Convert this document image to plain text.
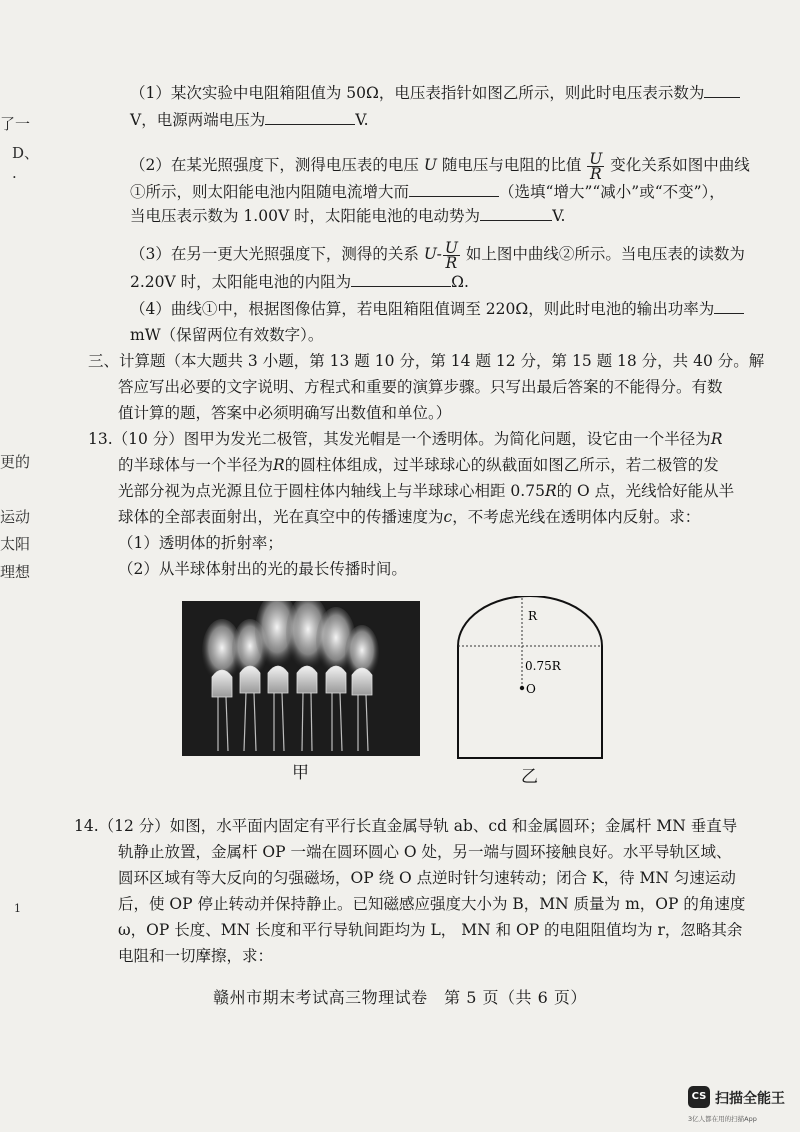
了一
D、
·
更的
运动
太阳
理想
1
（1）某次实验中电阻箱阻值为 50Ω，电压表指针如图乙所示，则此时电压表示数为
V，电源两端电压为	V.
（2）在某光照强度下，测得电压表的电压 U 随电压与电阻的比值 $\frac{U}{R}$ 变化关系如图中曲线
①所示，则太阳能电池内阻随电流增大而	（选填“增大”“减小”或“不变”），
当电压表示数为 1.00V 时，太阳能电池的电动势为	V.
（3）在另一更大光照强度下，测得的关系 $U- \frac{U}{R}$ 如上图中曲线②所示。当电压表的读数为
2.20V 时，太阳能电池的内阻为	Ω.
（4）曲线①中，根据图像估算，若电阻箱阻值调至 220Ω，则此时电池的输出功率为
mW（保留两位有效数字）。
三、计算题（本大题共 3 小题，第 13 题 10 分，第 14 题 12 分，第 15 题 18 分，共 40 分。解
答应写出必要的文字说明、方程式和重要的演算步骤。只写出最后答案的不能得分。有数
值计算的题，答案中必须明确写出数值和单位。）
13.（10 分）图甲为发光二极管，其发光帽是一个透明体。为简化问题，设它由一个半径为R
的半球体与一个半径为R的圆柱体组成，过半球球心的纵截面如图乙所示，若二极管的发
光部分视为点光源且位于圆柱体内轴线上与半球球心相距 0.75R的 O 点，光线恰好能从半
球体的全部表面射出，光在真空中的传播速度为c，不考虑光线在透明体内反射。求：
（1）透明体的折射率；
（2）从半球体射出的光的最长传播时间。
甲
R
0.75R
O
乙
14.（12 分）如图，水平面内固定有平行长直金属导轨 ab、cd 和金属圆环；金属杆 MN 垂直导
轨静止放置，金属杆 OP 一端在圆环圆心 O 处，另一端与圆环接触良好。水平导轨区域、
圆环区域有等大反向的匀强磁场，OP 绕 O 点逆时针匀速转动；闭合 K，待 MN 匀速运动
后，使 OP 停止转动并保持静止。已知磁感应强度大小为 B，MN 质量为 m，OP 的角速度
ω，OP 长度、MN 长度和平行导轨间距均为 L， MN 和 OP 的电阻阻值均为 r，忽略其余
电阻和一切摩擦，求：
赣州市期末考试高三物理试卷　第 5 页（共 6 页）
CS 扫描全能王
3亿人都在用的扫描App
